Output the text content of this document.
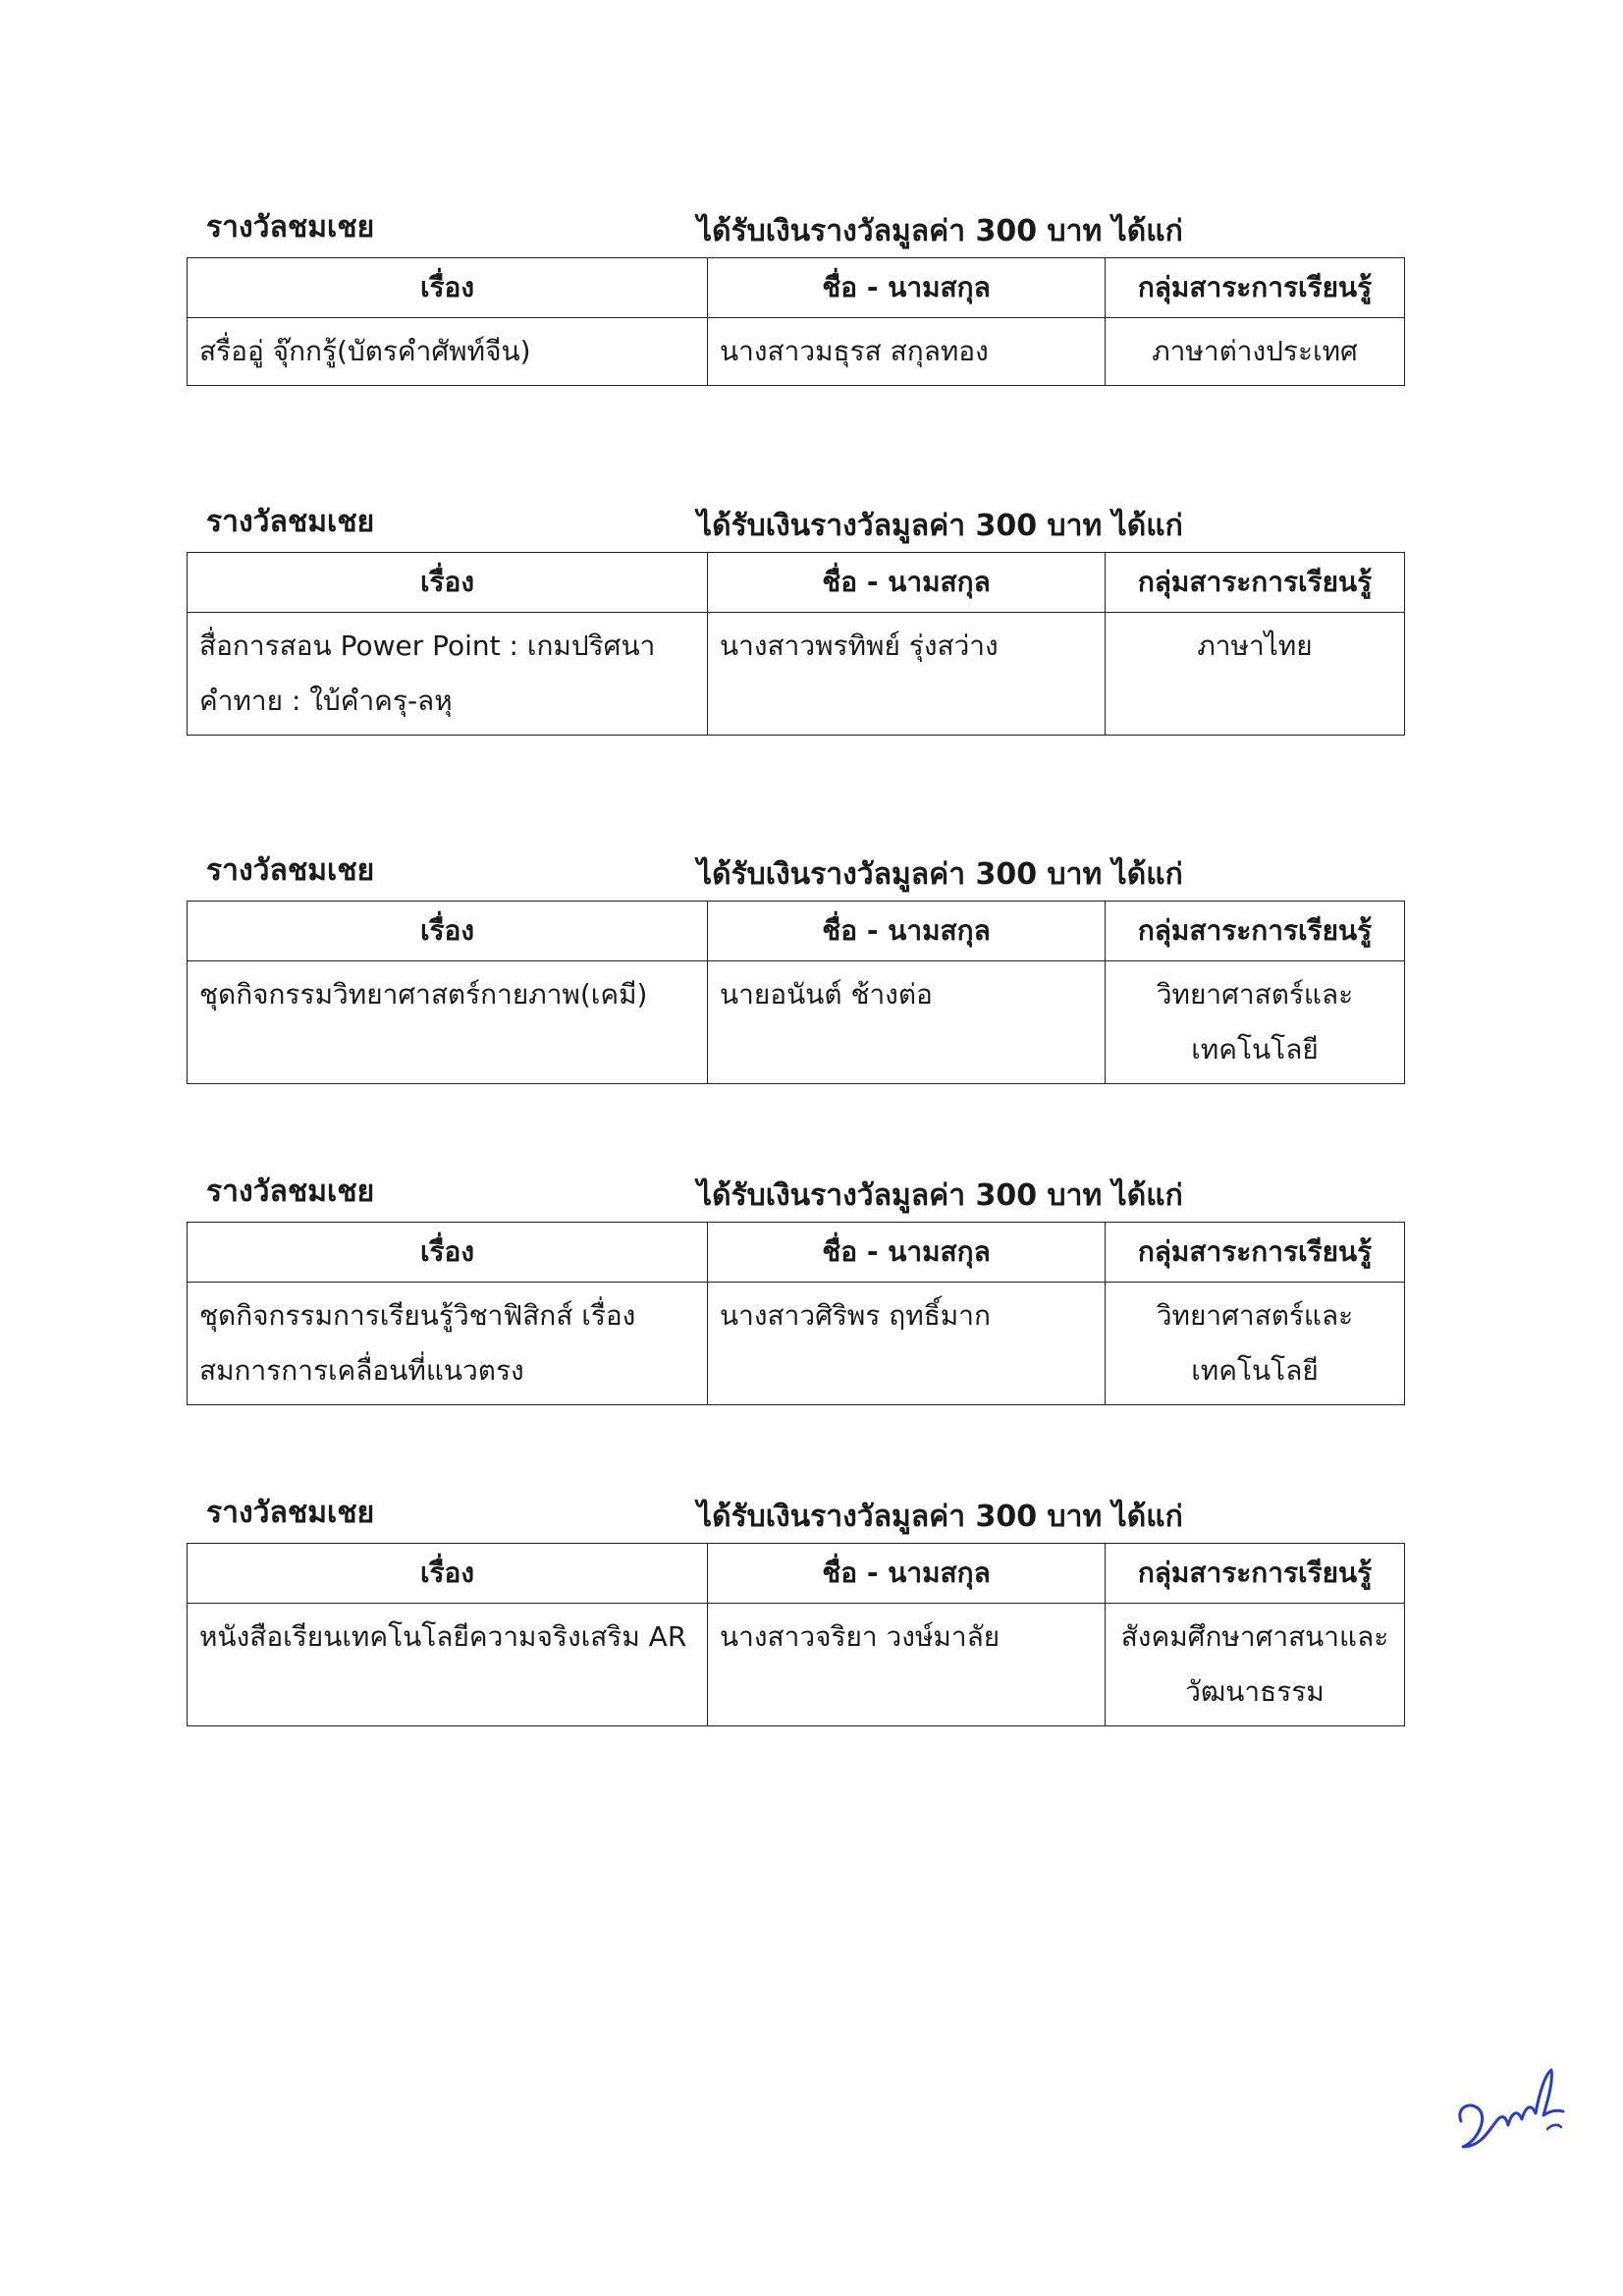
รางวัลชมเชย	ได้รับเงินรางวัลมูลค่า 300 บาท ได้แก่
เรื่อง	ชื่อ - นามสกุล	กลุ่มสาระการเรียนรู้
สรื่ออู่ จุ๊กกรู้(บัตรคำศัพท์จีน)	นางสาวมธุรส สกุลทอง	ภาษาต่างประเทศ
รางวัลชมเชย	ได้รับเงินรางวัลมูลค่า 300 บาท ได้แก่
เรื่อง	ชื่อ - นามสกุล	กลุ่มสาระการเรียนรู้
สื่อการสอน Power Point : เกมปริศนาคำทาย : ใบ้คำครุ-ลหุ	นางสาวพรทิพย์ รุ่งสว่าง	ภาษาไทย
รางวัลชมเชย	ได้รับเงินรางวัลมูลค่า 300 บาท ได้แก่
เรื่อง	ชื่อ - นามสกุล	กลุ่มสาระการเรียนรู้
ชุดกิจกรรมวิทยาศาสตร์กายภาพ(เคมี)	นายอนันต์ ช้างต่อ	วิทยาศาสตร์และเทคโนโลยี
รางวัลชมเชย	ได้รับเงินรางวัลมูลค่า 300 บาท ได้แก่
เรื่อง	ชื่อ - นามสกุล	กลุ่มสาระการเรียนรู้
ชุดกิจกรรมการเรียนรู้วิชาฟิสิกส์ เรื่องสมการการเคลื่อนที่แนวตรง	นางสาวศิริพร ฤทธิ์มาก	วิทยาศาสตร์และเทคโนโลยี
รางวัลชมเชย	ได้รับเงินรางวัลมูลค่า 300 บาท ได้แก่
เรื่อง	ชื่อ - นามสกุล	กลุ่มสาระการเรียนรู้
หนังสือเรียนเทคโนโลยีความจริงเสริม AR	นางสาวจริยา วงษ์มาลัย	สังคมศึกษาศาสนาและวัฒนาธรรม
